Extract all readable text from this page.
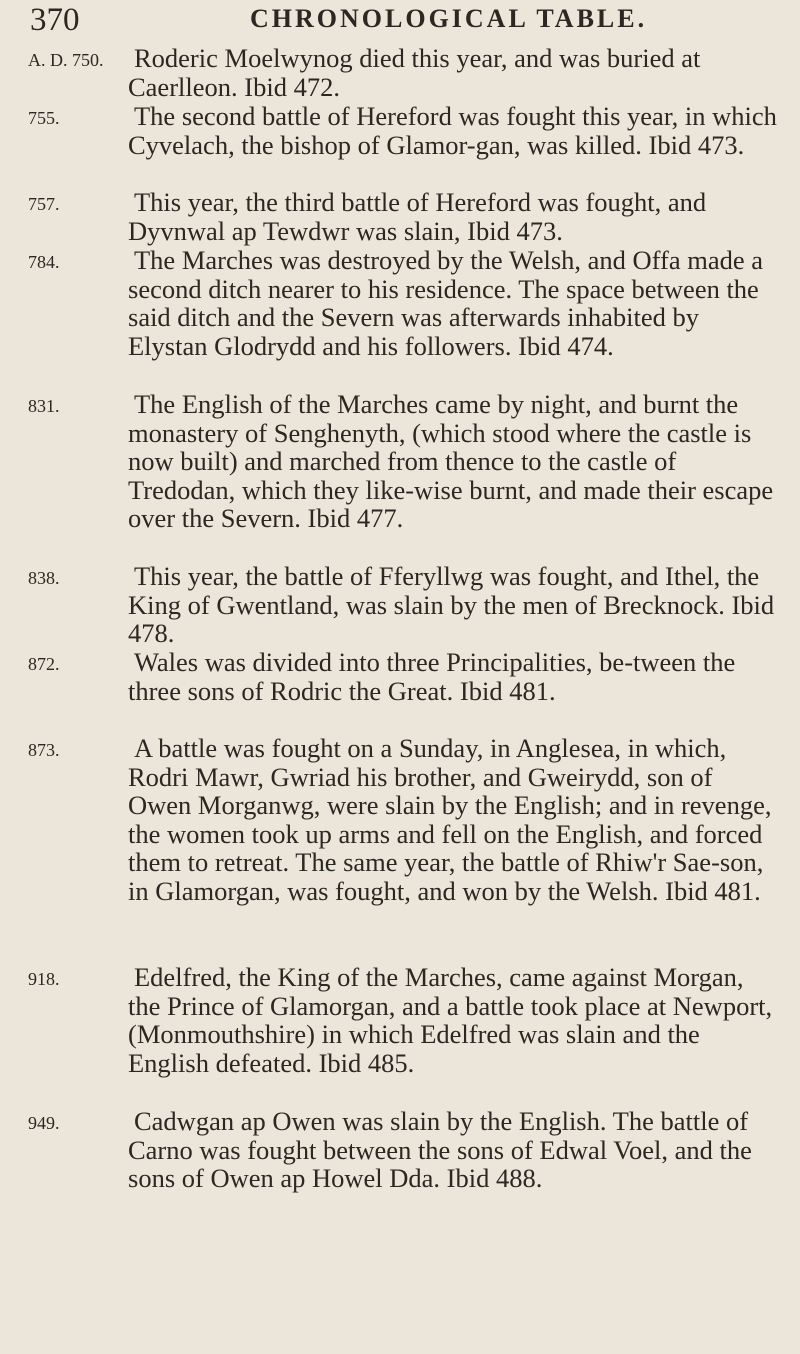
370	CHRONOLOGICAL TABLE.
A. D. 750.	Roderic Moelwynog died this year, and was buried at Caerlleon. Ibid 472.
755.	The second battle of Hereford was fought this year, in which Cyvelach, the bishop of Glamor-gan, was killed. Ibid 473.
757.	This year, the third battle of Hereford was fought, and Dyvnwal ap Tewdwr was slain, Ibid 473.
784.	The Marches was destroyed by the Welsh, and Offa made a second ditch nearer to his residence. The space between the said ditch and the Severn was afterwards inhabited by Elystan Glodrydd and his followers. Ibid 474.
831.	The English of the Marches came by night, and burnt the monastery of Senghenyth, (which stood where the castle is now built) and marched from thence to the castle of Tredodan, which they like-wise burnt, and made their escape over the Severn. Ibid 477.
838.	This year, the battle of Fferyllwg was fought, and Ithel, the King of Gwentland, was slain by the men of Brecknock. Ibid 478.
872.	Wales was divided into three Principalities, be-tween the three sons of Rodric the Great. Ibid 481.
873.	A battle was fought on a Sunday, in Anglesea, in which, Rodri Mawr, Gwriad his brother, and Gweirydd, son of Owen Morganwg, were slain by the English; and in revenge, the women took up arms and fell on the English, and forced them to retreat. The same year, the battle of Rhiw'r Sae-son, in Glamorgan, was fought, and won by the Welsh. Ibid 481.
918.	Edelfred, the King of the Marches, came against Morgan, the Prince of Glamorgan, and a battle took place at Newport, (Monmouthshire) in which Edelfred was slain and the English defeated. Ibid 485.
949.	Cadwgan ap Owen was slain by the English. The battle of Carno was fought between the sons of Edwal Voel, and the sons of Owen ap Howel Dda. Ibid 488.
